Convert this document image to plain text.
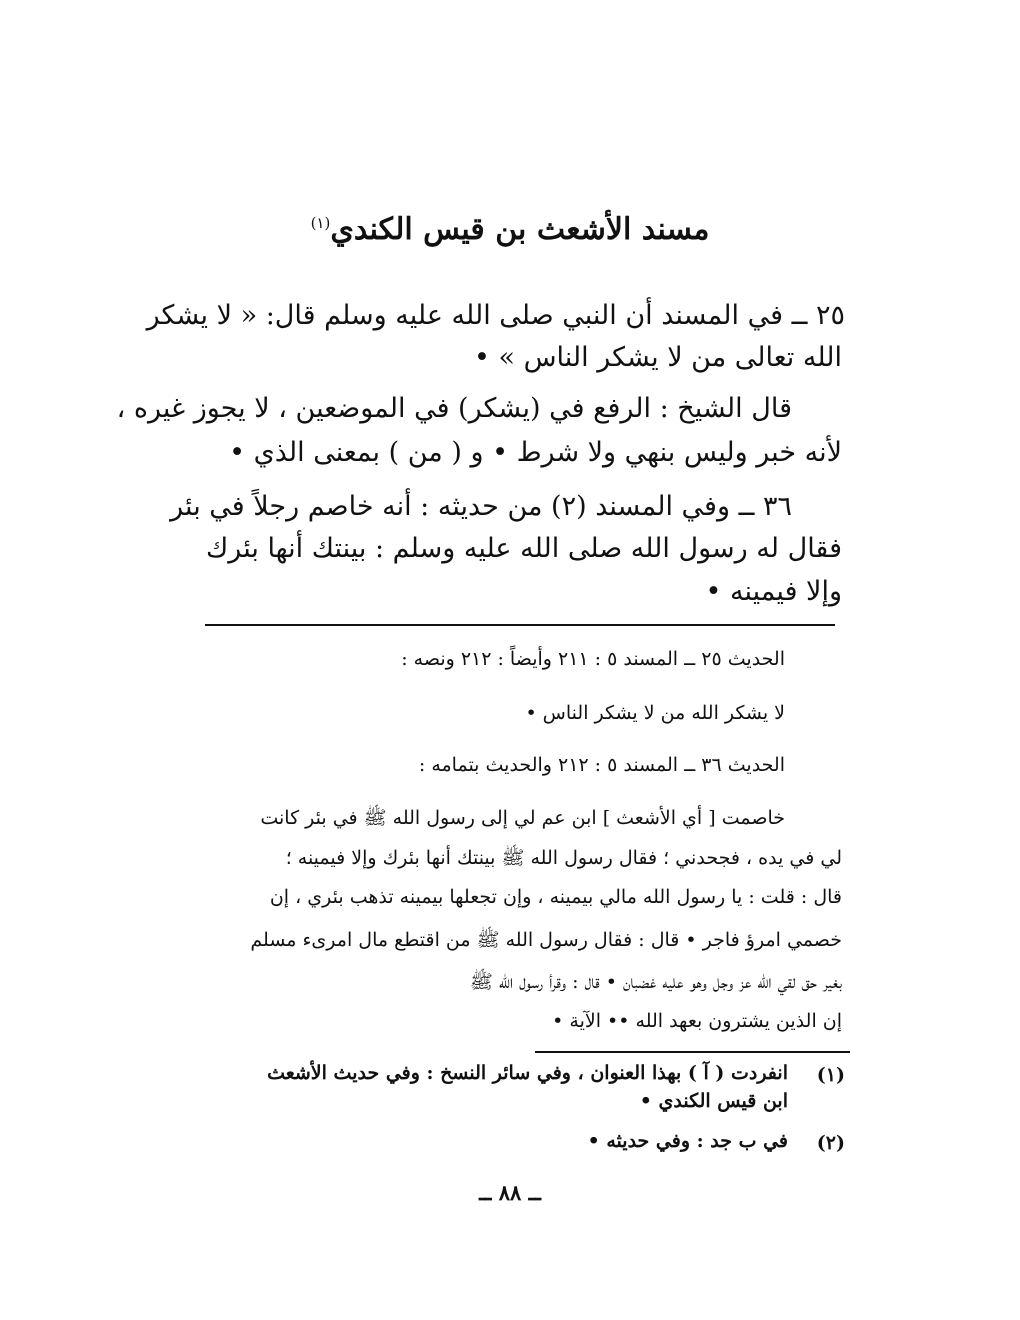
مسند الأشعث بن قيس الكندي$^{(١)}$
٢٥ ــ في المسند أن النبي صلى الله عليه وسلم قال: « لا يشكر
الله تعالى من لا يشكر الناس » •
قال الشيخ : الرفع في (يشكر) في الموضعين ، لا يجوز غيره ،
لأنه خبر وليس بنهي ولا شرط • و ( من ) بمعنى الذي •
٣٦ ــ وفي المسند (٢) من حديثه : أنه خاصم رجلاً في بئر
فقال له رسول الله صلى الله عليه وسلم : بينتك أنها بئرك
وإلا فيمينه •
الحديث ٢٥ ــ المسند ٥ : ٢١١ وأيضاً : ٢١٢ ونصه :
لا يشكر الله من لا يشكر الناس •
الحديث ٣٦ ــ المسند ٥ : ٢١٢ والحديث بتمامه :
خاصمت [ أي الأشعث ] ابن عم لي إلى رسول الله ﷺ في بئر كانت
لي في يده ، فجحدني ؛ فقال رسول الله ﷺ بينتك أنها بئرك وإلا فيمينه ؛
قال : قلت : يا رسول الله مالي بيمينه ، وإن تجعلها بيمينه تذهب بئري ، إن
خصمي امرؤ فاجر • قال : فقال رسول الله ﷺ من اقتطع مال امرىء مسلم
بغير حق لقي الله عز وجل وهو عليه غضبان • قال : وقرأ رسول الله ﷺ
إن الذين يشترون بعهد الله •• الآية •
(١)
انفردت ( آ ) بهذا العنوان ، وفي سائر النسخ : وفي حديث الأشعث
ابن قيس الكندي •
(٢)
في ب جد : وفي حديثه •
ــ ٨٨ ــ
